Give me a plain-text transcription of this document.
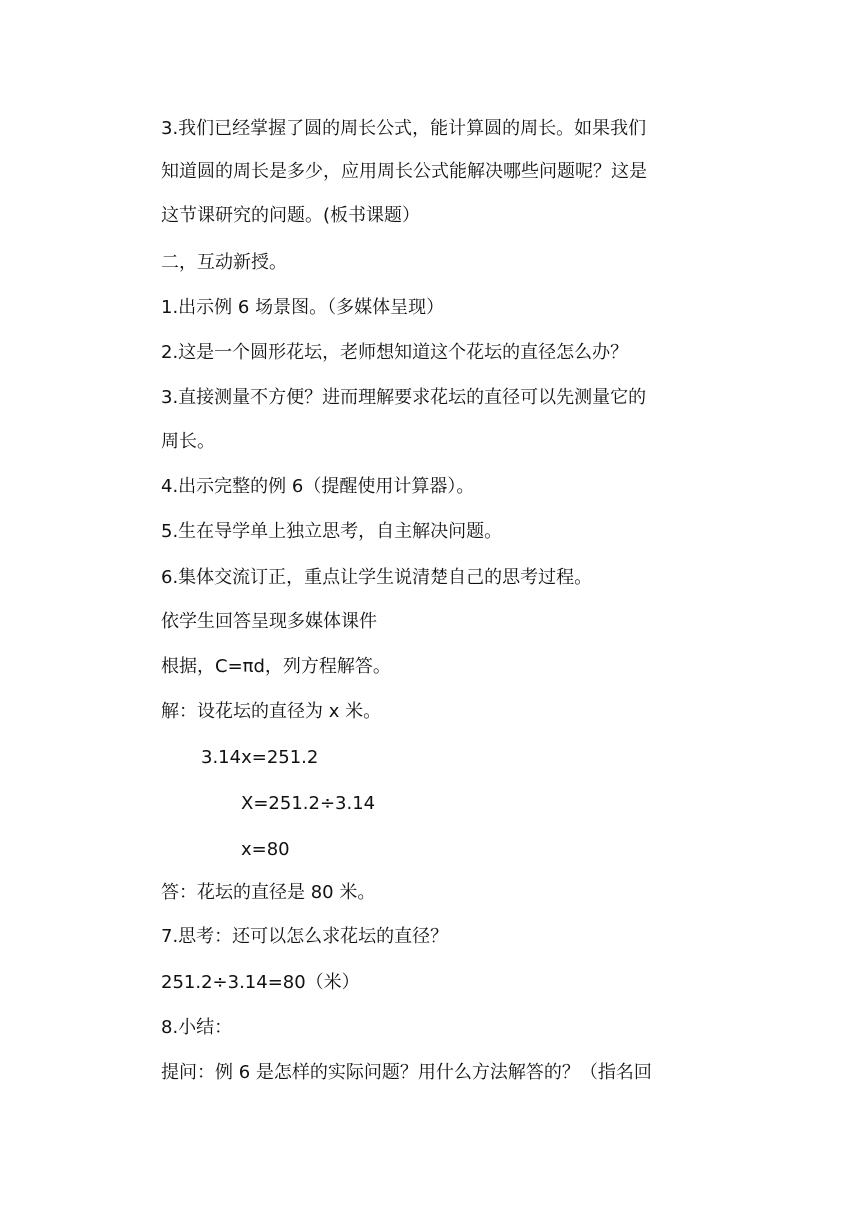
3.我们已经掌握了圆的周长公式，能计算圆的周长。如果我们
知道圆的周长是多少，应用周长公式能解决哪些问题呢？这是
这节课研究的问题。(板书课题）
二，互动新授。
1.出示例 6 场景图。（多媒体呈现）
2.这是一个圆形花坛，老师想知道这个花坛的直径怎么办？
3.直接测量不方便？进而理解要求花坛的直径可以先测量它的
周长。
4.出示完整的例 6（提醒使用计算器）。
5.生在导学单上独立思考，自主解决问题。
6.集体交流订正，重点让学生说清楚自己的思考过程。
依学生回答呈现多媒体课件
根据，C=πd，列方程解答。
解：设花坛的直径为 x 米。
3.14x=251.2
X=251.2÷3.14
x=80
答：花坛的直径是 80 米。
7.思考：还可以怎么求花坛的直径？
251.2÷3.14=80（米）
8.小结：
提问：例 6 是怎样的实际问题？用什么方法解答的？（指名回
